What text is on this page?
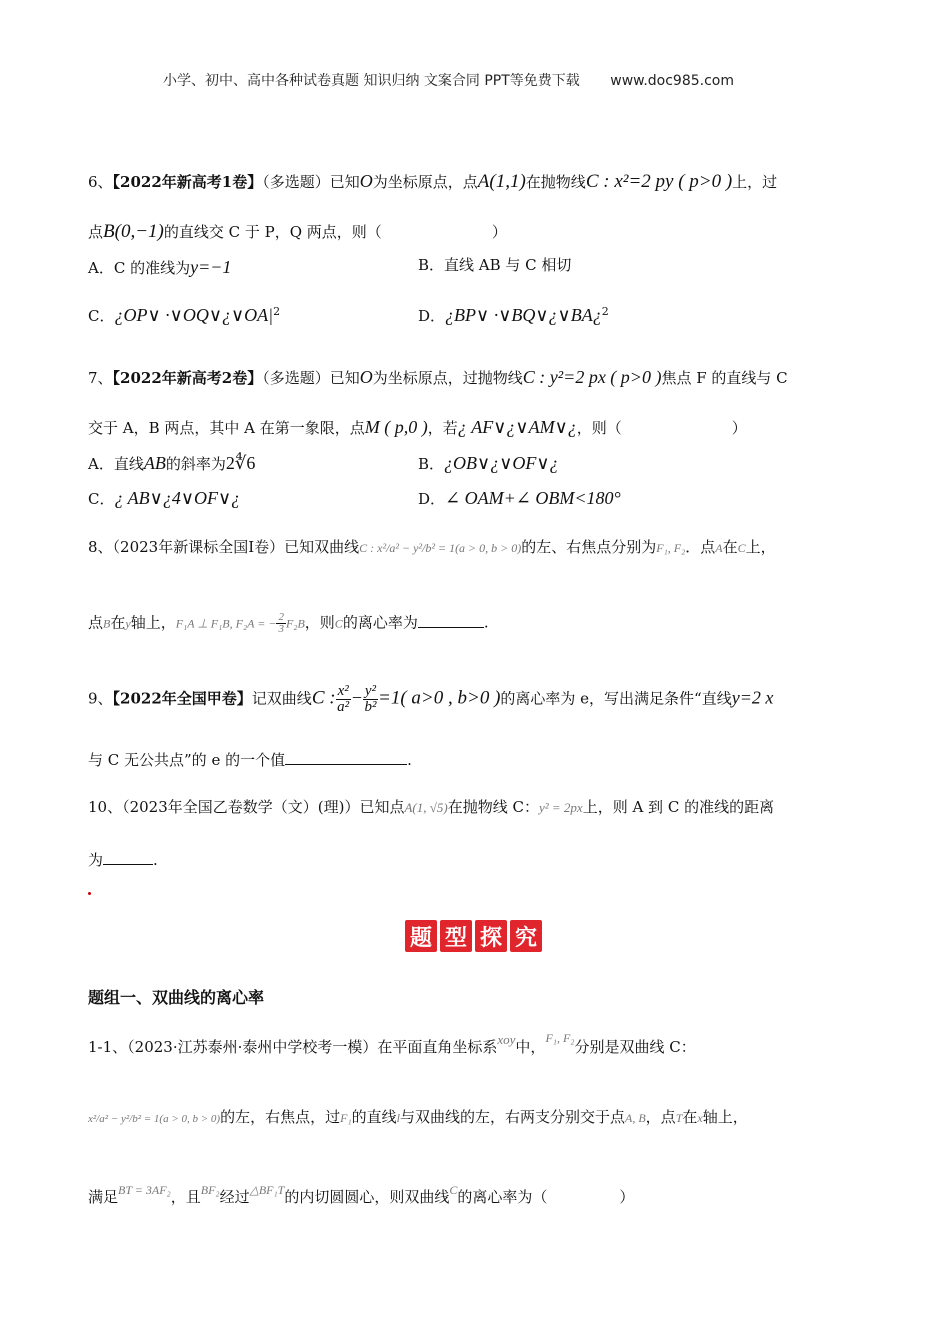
小学、初中、高中各种试卷真题 知识归纳 文案合同 PPT等免费下载 www.doc985.com
6、【2022年新高考1卷】（多选题）已知O为坐标原点，点A(1,1)在抛物线C : x²=2 py ( p>0 )上，过
点B(0,−1)的直线交 C 于 P，Q 两点，则（	）
A．C 的准线为y=−1	B．直线 AB 与 C 相切
C．¿OP∨ $\cdot\vee OQ\vee¿\vee OA|^2$	D．¿BP∨ ·∨BQ∨¿∨BA¿$^2$
7、【2022年新高考2卷】（多选题）已知O为坐标原点，过抛物线C : y²=2 px ( p>0 )焦点 F 的直线与 C
交于 A，B 两点，其中 A 在第一象限，点M ( p,0 )，若¿ AF∨¿∨AM∨¿，则（	）
A．直线AB的斜率为2∜6	B．¿OB∨¿∨OF∨¿
C．¿ AB∨¿4∨OF∨¿	D．∠ OAM+∠ OBM<180°
8、（2023年新课标全国Ⅰ卷）已知双曲线C : x²/a² − y²/b² = 1(a > 0, b > 0)的左、右焦点分别为F₁, F₂．点A在C上，
点B在y轴上，F₁A ⊥ F₁B, F₂A = − $\frac{2}{3} F_2B$，则C的离心率为	.
9、【2022年全国甲卷】记双曲线C : $\frac{\text{x²}}{\text{a²}} - \frac{\text{y²}}{\text{b²}} =1$( a>0 , b>0 )的离心率为 e，写出满足条件“直线y=2 x
与 C 无公共点”的 e 的一个值	.
10、（2023年全国乙卷数学（文）(理)）已知点A(1, √5)在抛物线 C：y² = 2px上，则 A 到 C 的准线的距离
为	.
题 型 探 究
题组一、双曲线的离心率
1-1、（2023·江苏泰州·泰州中学校考一模）在平面直角坐标系xoy中，$^{F_1, F_2}$分别是双曲线 C：
x²/a² − y²/b² = 1(a > 0, b > 0)的左，右焦点，过F₁的直线l与双曲线的左，右两支分别交于点A, B，点T在x轴上，
满足$^{BT = 3AF_2}$，且$^{BF_2}$经过$^{\triangle BF_1T}$的内切圆圆心，则双曲线$^C$的离心率为（	）
